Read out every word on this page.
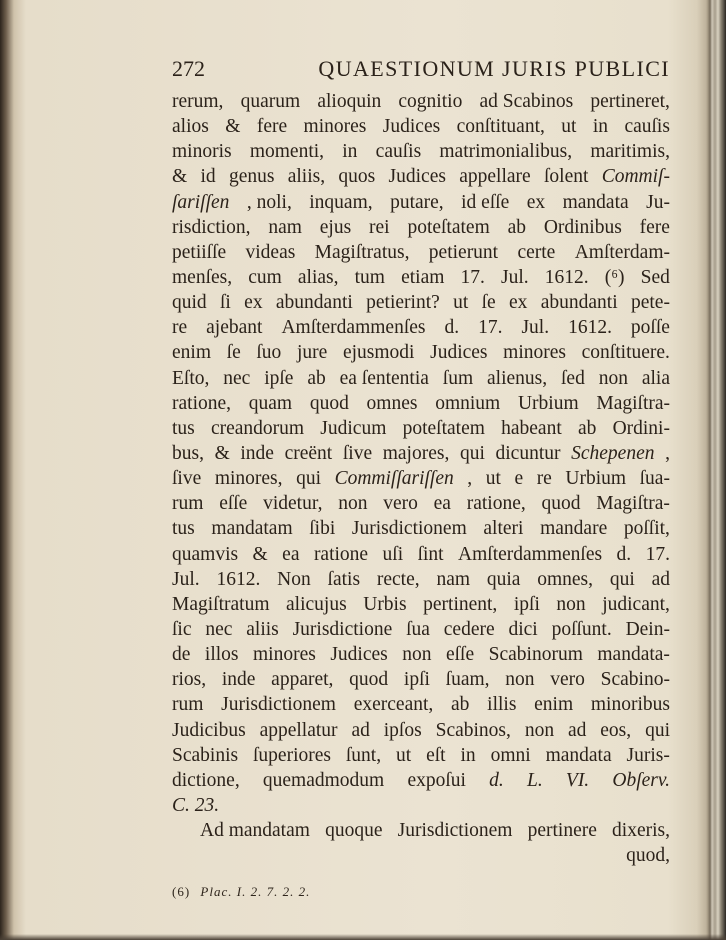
272	QUAESTIONUM JURIS PUBLICI
rerum, quarum alioquin cognitio ad Scabinos pertineret,
alios & fere minores Judices conſtituant, ut in cauſis
minoris momenti, in cauſis matrimonialibus, maritimis,
& id genus aliis, quos Judices appellare ſolent Commiſ-
ſariſſen , noli, inquam, putare, id eſſe ex mandata Ju-
risdiction, nam ejus rei poteſtatem ab Ordinibus fere
petiiſſe videas Magiſtratus, petierunt certe Amſterdam-
menſes, cum alias, tum etiam 17. Jul. 1612. (⁶) Sed
quid ſi ex abundanti petierint? ut ſe ex abundanti pete-
re ajebant Amſterdammenſes d. 17. Jul. 1612. poſſe
enim ſe ſuo jure ejusmodi Judices minores conſtituere.
Eſto, nec ipſe ab ea ſententia ſum alienus, ſed non alia
ratione, quam quod omnes omnium Urbium Magiſtra-
tus creandorum Judicum poteſtatem habeant ab Ordini-
bus, & inde creënt ſive majores, qui dicuntur Schepenen ,
ſive minores, qui Commiſſariſſen , ut e re Urbium ſua-
rum eſſe videtur, non vero ea ratione, quod Magiſtra-
tus mandatam ſibi Jurisdictionem alteri mandare poſſit,
quamvis & ea ratione uſi ſint Amſterdammenſes d. 17.
Jul. 1612. Non ſatis recte, nam quia omnes, qui ad
Magiſtratum alicujus Urbis pertinent, ipſi non judicant,
ſic nec aliis Jurisdictione ſua cedere dici poſſunt. Dein-
de illos minores Judices non eſſe Scabinorum mandata-
rios, inde apparet, quod ipſi ſuam, non vero Scabino-
rum Jurisdictionem exerceant, ab illis enim minoribus
Judicibus appellatur ad ipſos Scabinos, non ad eos, qui
Scabinis ſuperiores ſunt, ut eſt in omni mandata Juris-
dictione, quemadmodum expoſui d. L. VI. Obſerv.
C. 23.
Ad mandatam quoque Jurisdictionem pertinere dixeris,
quod,
(6) Plac. I. 2. 7. 2. 2.
